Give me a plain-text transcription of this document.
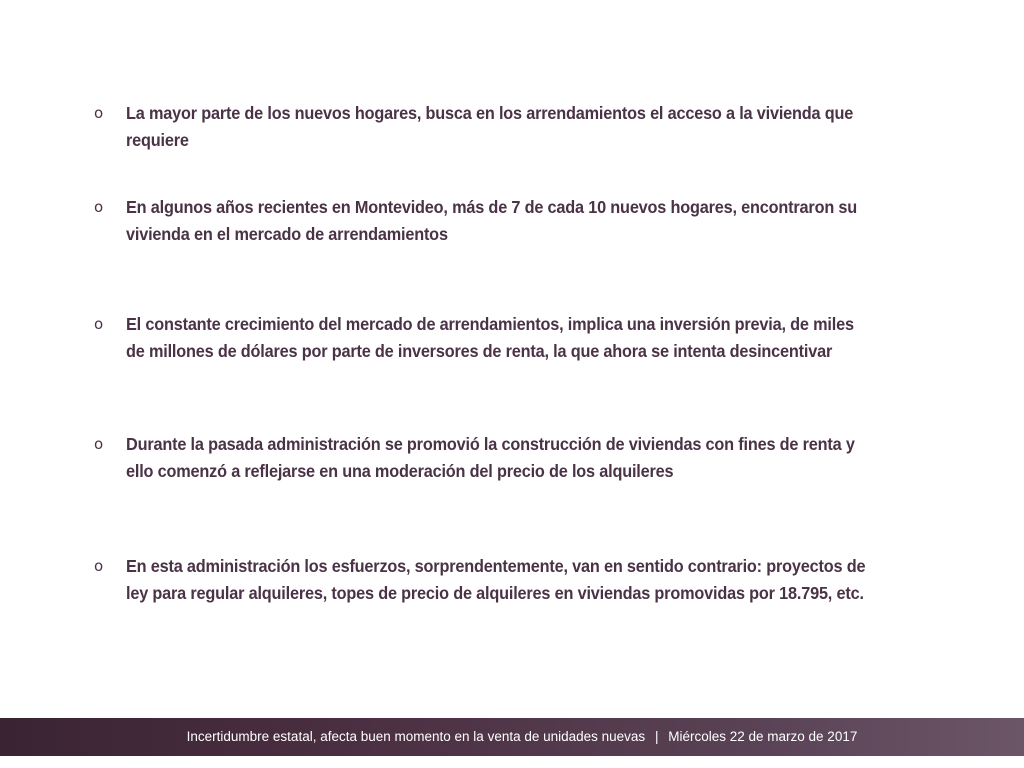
o	La mayor parte de los nuevos hogares, busca en los arrendamientos el acceso a la vivienda que requiere
o	En algunos años recientes en Montevideo, más de 7 de cada 10 nuevos hogares, encontraron su vivienda en el mercado de arrendamientos
o	El constante crecimiento del mercado de arrendamientos, implica una inversión previa, de miles de millones de dólares por parte de inversores de renta, la que ahora se intenta desincentivar
o	Durante la pasada administración se promovió la construcción de viviendas con fines de renta y ello comenzó a reflejarse en una moderación del precio de los alquileres
o	En esta administración los esfuerzos, sorprendentemente, van en sentido contrario: proyectos de ley para regular alquileres, topes de precio de alquileres en viviendas promovidas por 18.795, etc.
Incertidumbre estatal, afecta buen momento en la venta de unidades nuevas | Miércoles 22 de marzo de 2017
